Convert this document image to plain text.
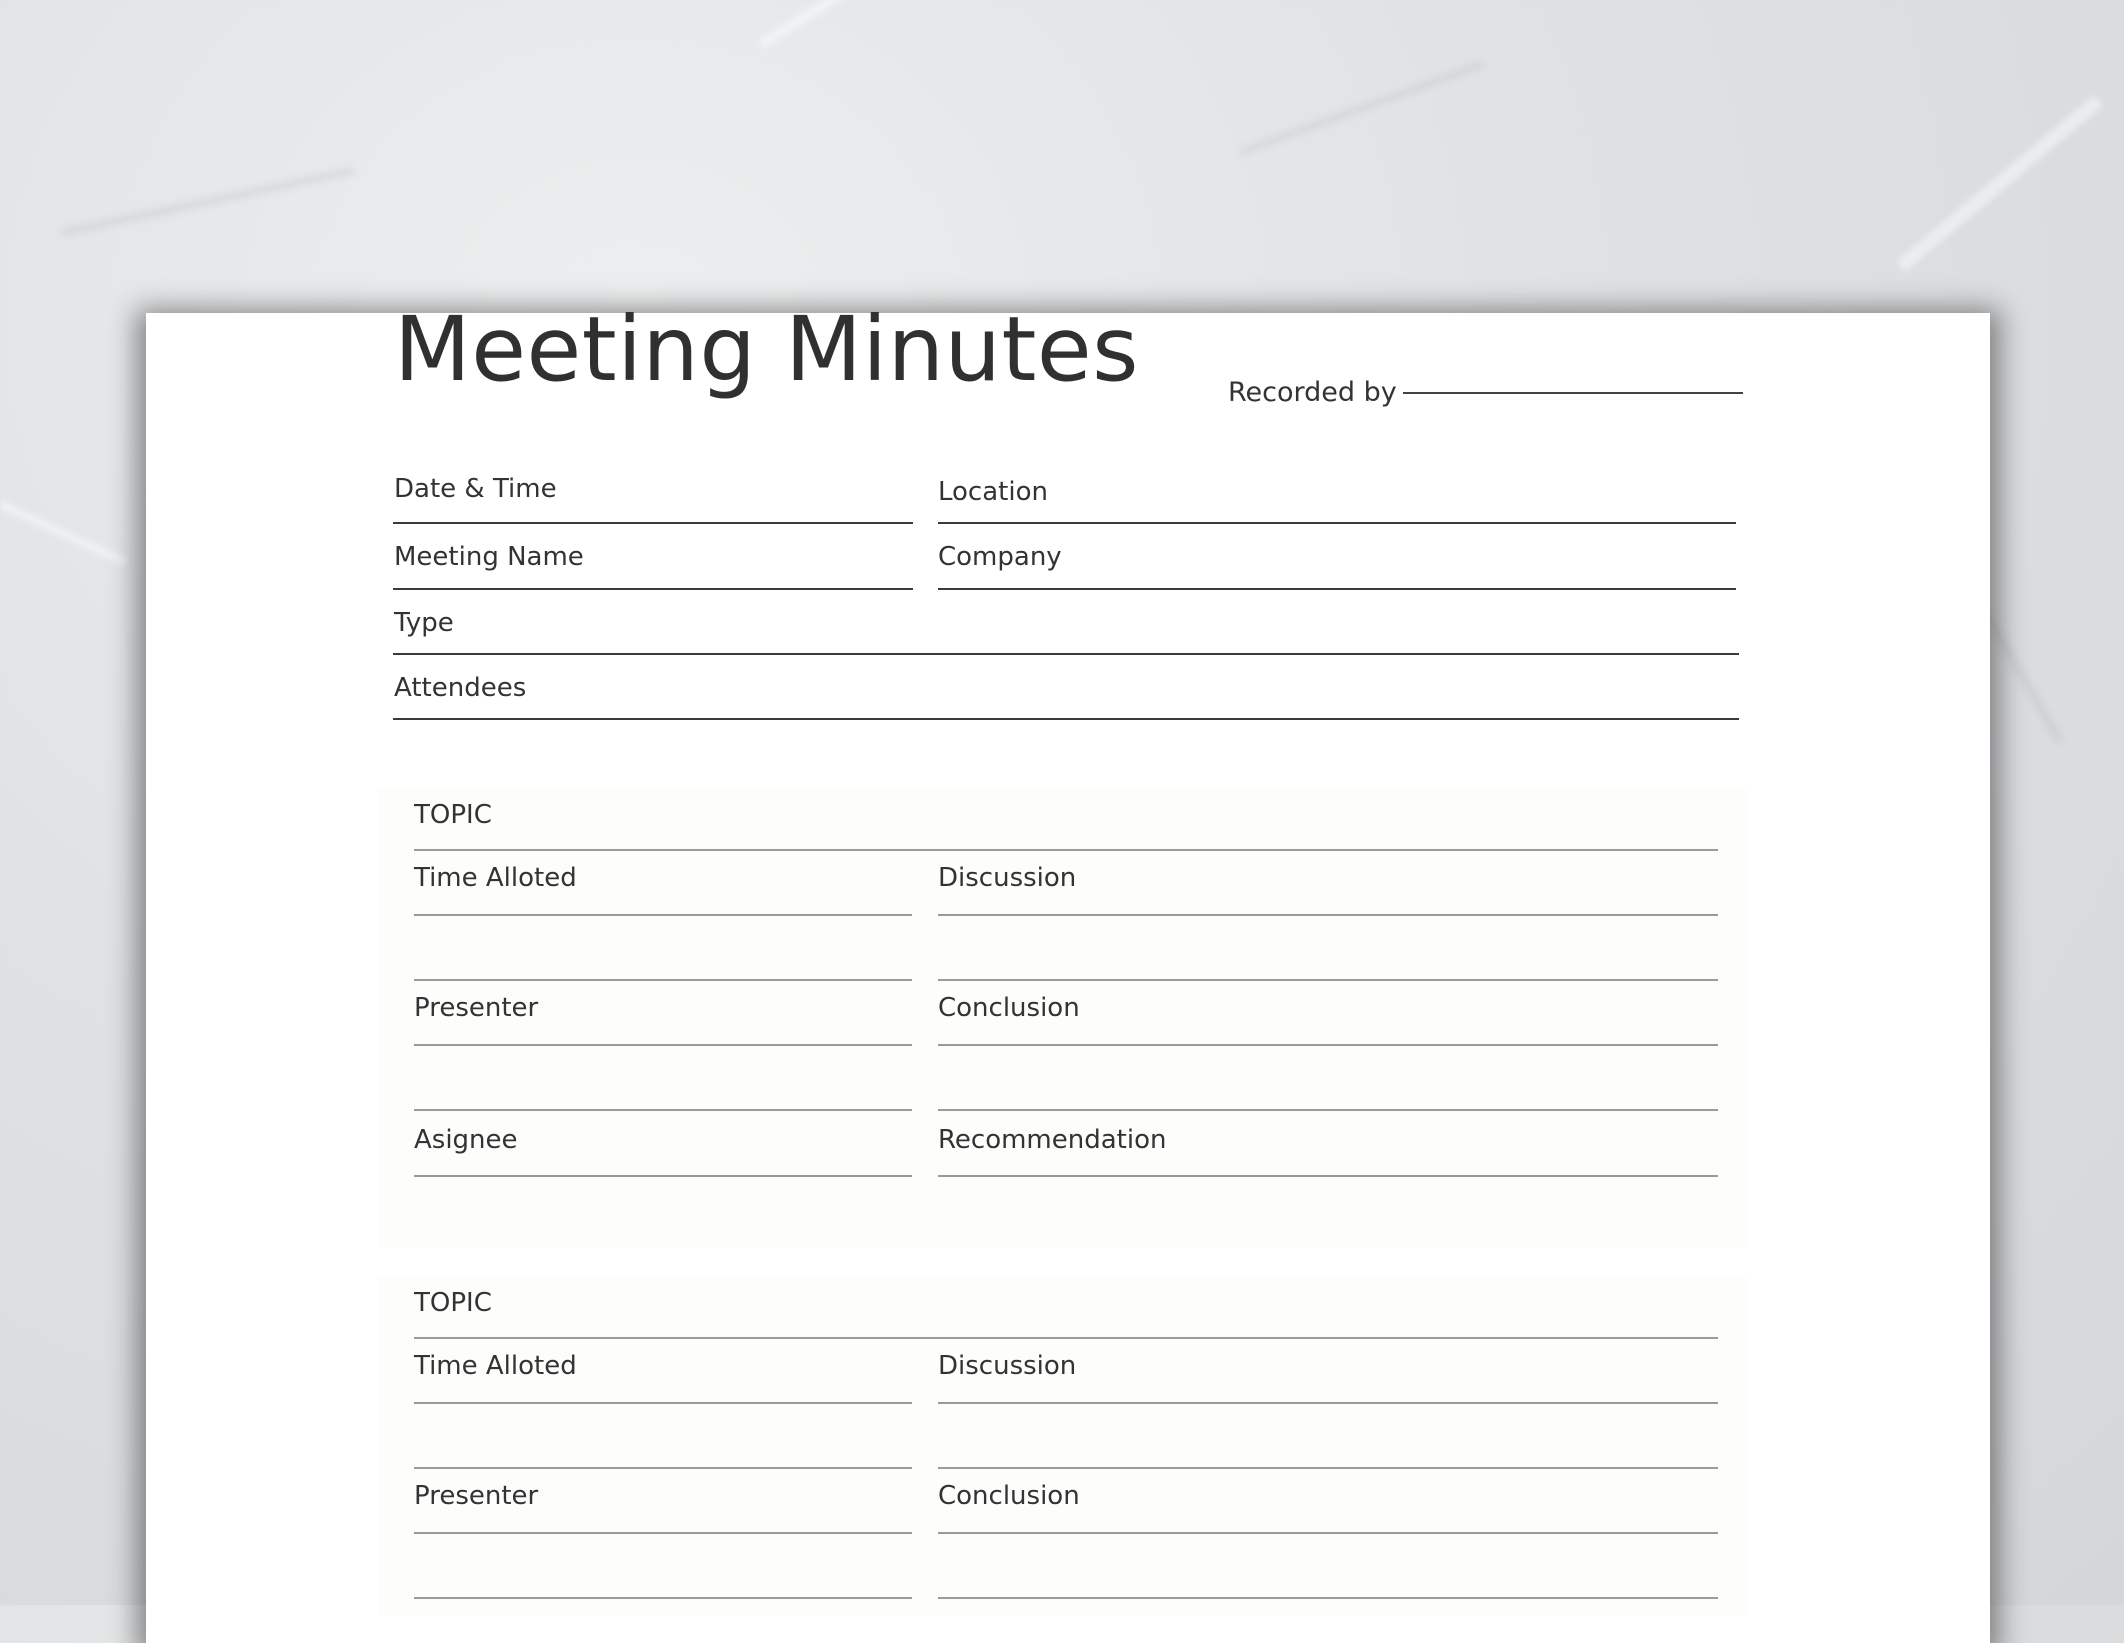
Meeting Minutes	Recorded by
Date & Time	Location
Meeting Name	Company
Type
Attendees
TOPIC
Time Alloted	Discussion
Presenter	Conclusion
Asignee	Recommendation
TOPIC
Time Alloted	Discussion
Presenter	Conclusion
